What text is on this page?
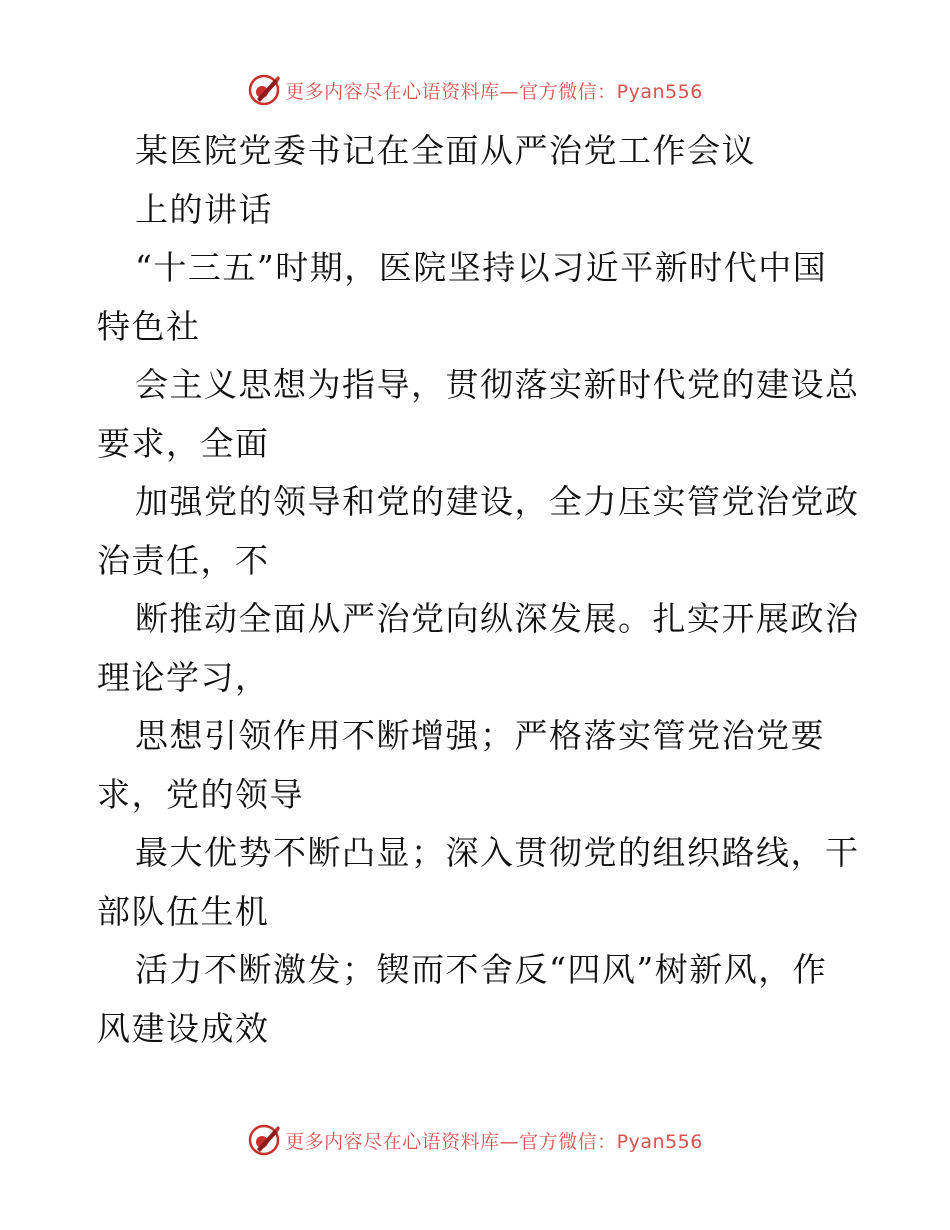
更多内容尽在心语资料库—官方微信：Pyan556
某医院党委书记在全面从严治党工作会议
上的讲话
“十三五”时期，医院坚持以习近平新时代中国
特色社
会主义思想为指导，贯彻落实新时代党的建设总
要求，全面
加强党的领导和党的建设，全力压实管党治党政
治责任，不
断推动全面从严治党向纵深发展。扎实开展政治
理论学习，
思想引领作用不断增强；严格落实管党治党要
求，党的领导
最大优势不断凸显；深入贯彻党的组织路线，干
部队伍生机
活力不断激发；锲而不舍反“四风”树新风，作
风建设成效
更多内容尽在心语资料库—官方微信：Pyan556
